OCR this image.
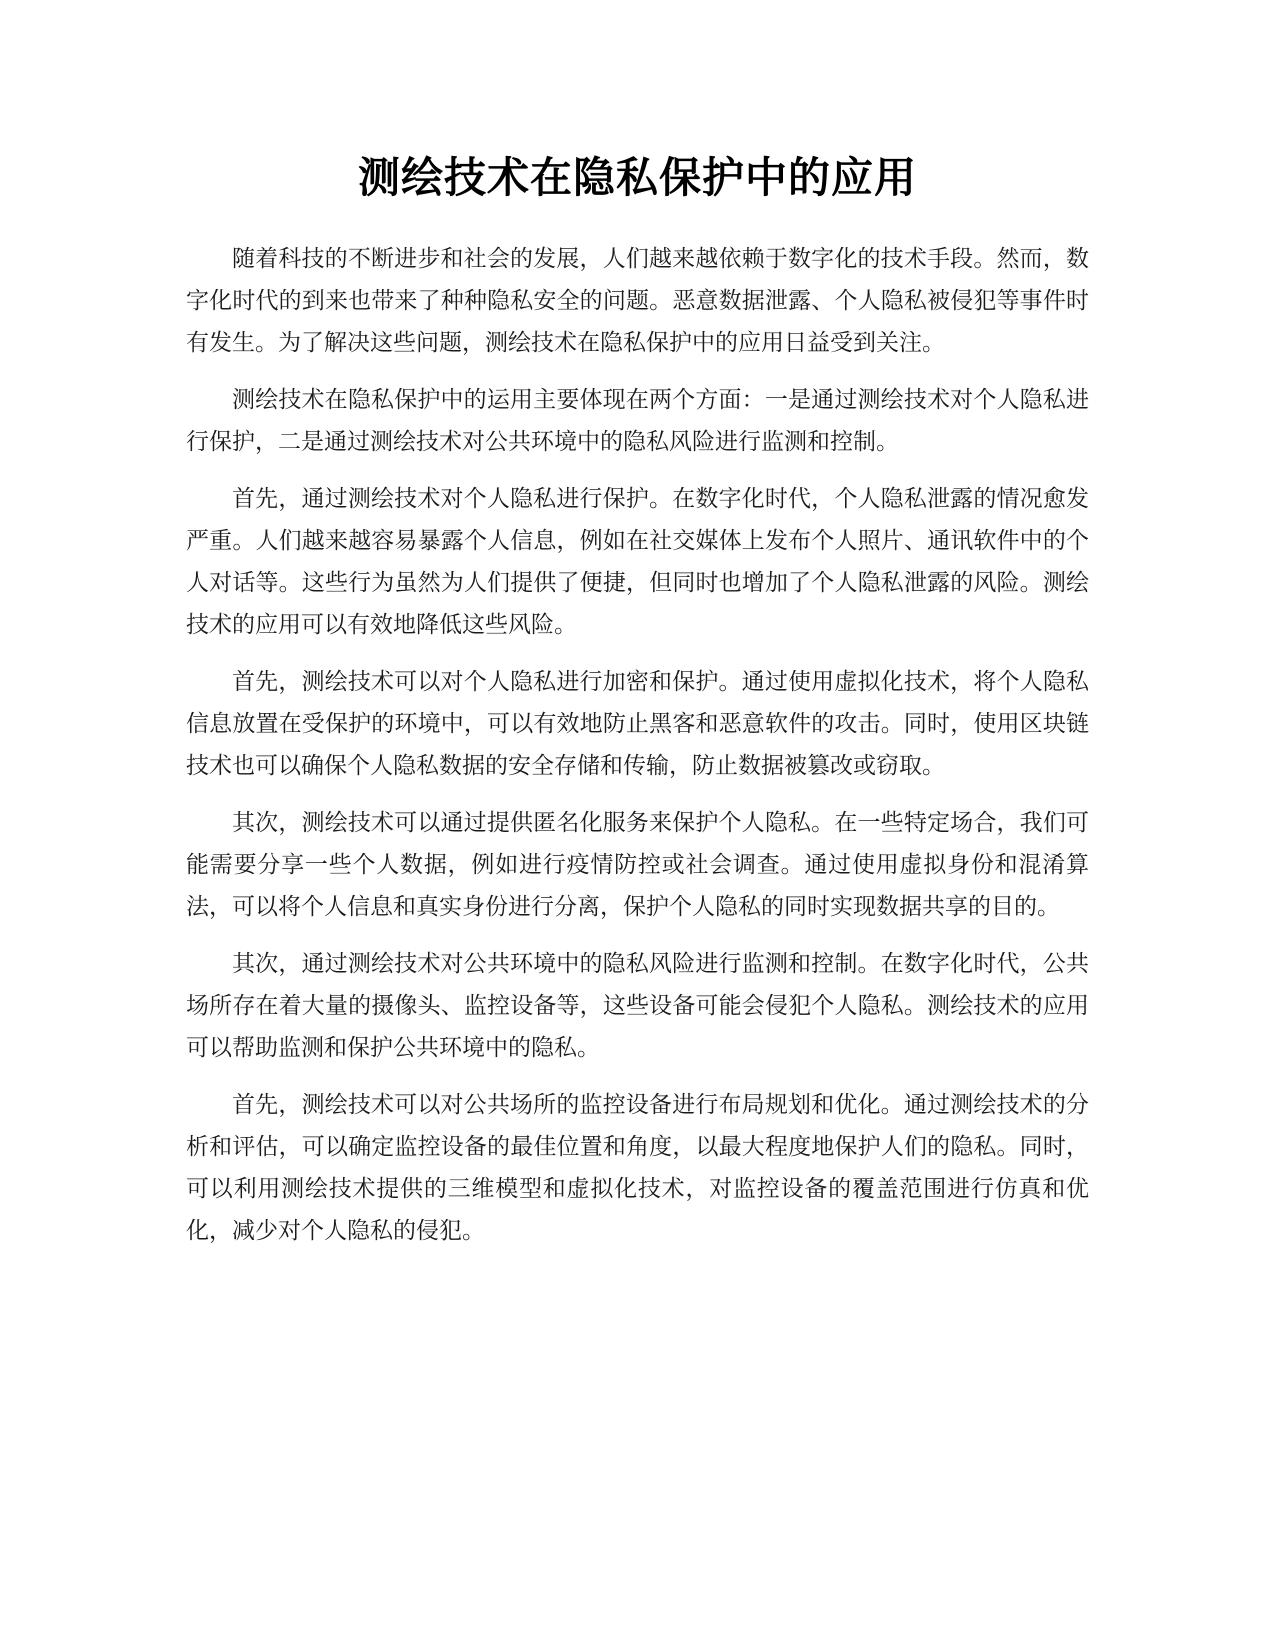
测绘技术在隐私保护中的应用

随着科技的不断进步和社会的发展，人们越来越依赖于数字化的技术手段。然而，数字化时代的到来也带来了种种隐私安全的问题。恶意数据泄露、个人隐私被侵犯等事件时有发生。为了解决这些问题，测绘技术在隐私保护中的应用日益受到关注。

测绘技术在隐私保护中的运用主要体现在两个方面：一是通过测绘技术对个人隐私进行保护，二是通过测绘技术对公共环境中的隐私风险进行监测和控制。

首先，通过测绘技术对个人隐私进行保护。在数字化时代，个人隐私泄露的情况愈发严重。人们越来越容易暴露个人信息，例如在社交媒体上发布个人照片、通讯软件中的个人对话等。这些行为虽然为人们提供了便捷，但同时也增加了个人隐私泄露的风险。测绘技术的应用可以有效地降低这些风险。

首先，测绘技术可以对个人隐私进行加密和保护。通过使用虚拟化技术，将个人隐私信息放置在受保护的环境中，可以有效地防止黑客和恶意软件的攻击。同时，使用区块链技术也可以确保个人隐私数据的安全存储和传输，防止数据被篡改或窃取。

其次，测绘技术可以通过提供匿名化服务来保护个人隐私。在一些特定场合，我们可能需要分享一些个人数据，例如进行疫情防控或社会调查。通过使用虚拟身份和混淆算法，可以将个人信息和真实身份进行分离，保护个人隐私的同时实现数据共享的目的。

其次，通过测绘技术对公共环境中的隐私风险进行监测和控制。在数字化时代，公共场所存在着大量的摄像头、监控设备等，这些设备可能会侵犯个人隐私。测绘技术的应用可以帮助监测和保护公共环境中的隐私。

首先，测绘技术可以对公共场所的监控设备进行布局规划和优化。通过测绘技术的分析和评估，可以确定监控设备的最佳位置和角度，以最大程度地保护人们的隐私。同时，可以利用测绘技术提供的三维模型和虚拟化技术，对监控设备的覆盖范围进行仿真和优化，减少对个人隐私的侵犯。
